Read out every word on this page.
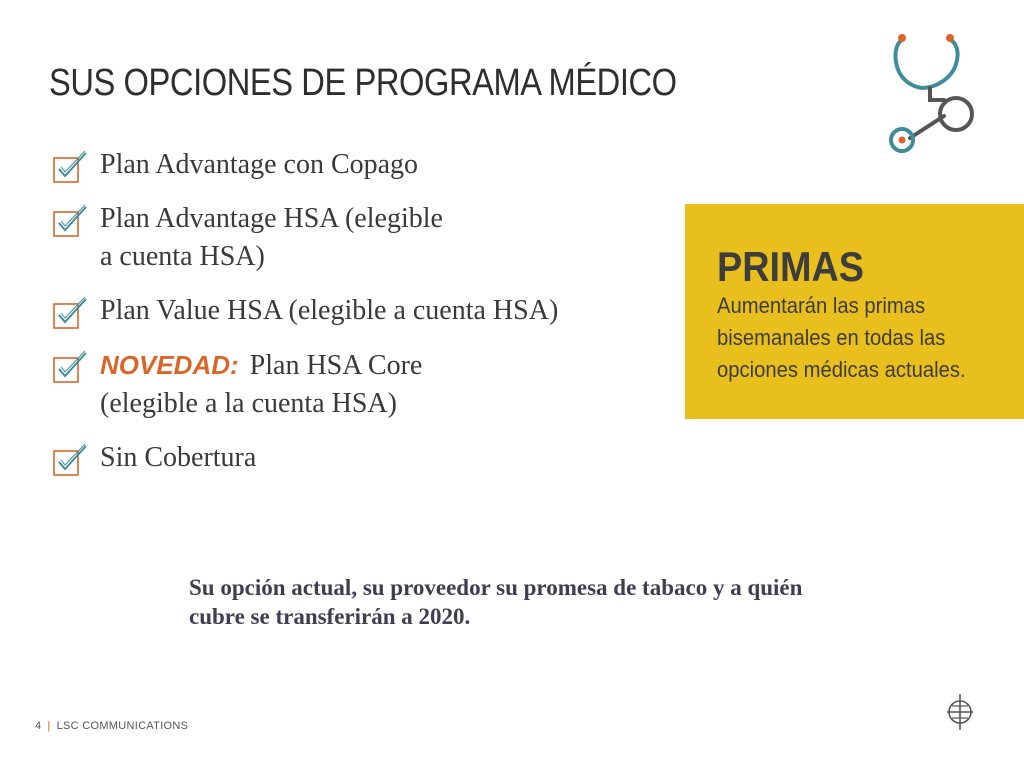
SUS OPCIONES DE PROGRAMA MÉDICO
Plan Advantage con Copago
Plan Advantage HSA (elegible
a cuenta HSA)
Plan Value HSA (elegible a cuenta HSA)
NOVEDAD: Plan HSA Core
(elegible a la cuenta HSA)
Sin Cobertura
PRIMAS
Aumentarán las primas bisemanales en todas las opciones médicas actuales.

Su opción actual, su proveedor su promesa de tabaco y a quién cubre se transferirán a 2020.

4 | LSC COMMUNICATIONS
